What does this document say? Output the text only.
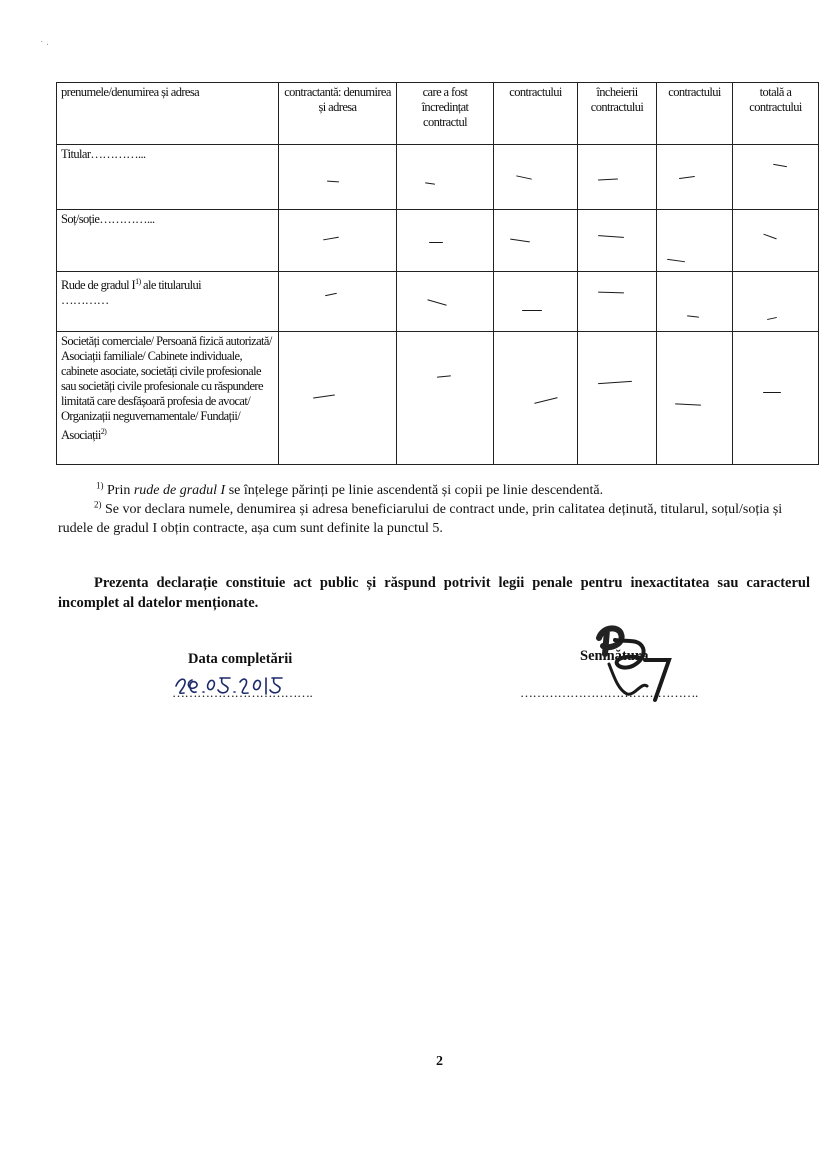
˙ ·
prenumele/denumirea și adresa	contractantă: denumirea și adresa	care a fost încredințat contractul	contractului	încheierii contractului	contractului	totală a contractului
Titular…………...	

Soț/soție…………...	

Rude de gradul $I^{1)}$ ale titularului
…………	

Societăți comerciale/ Persoană fizică autorizată/ Asociații familiale/ Cabinete individuale, cabinete asociate, societăți civile profesionale sau societăți civile profesionale cu răspundere limitată care desfășoară profesia de avocat/ Organizații neguvernamentale/ Fundații/ Asociații$^{2)}$	

$^{1)}$ Prin rude de gradul I se înțelege părinți pe linie ascendentă și copii pe linie descendentă.
$^{2)}$ Se vor declara numele, denumirea și adresa beneficiarului de contract unde, prin calitatea deținută, titularul, soțul/soția și rudele de gradul I obțin contracte, așa cum sunt definite la punctul 5.
Prezenta declarație constituie act public și răspund potrivit legii penale pentru inexactitatea sau caracterul incomplet al datelor menționate.
Data completării
…………………………….
Semnătura
…………………………………….
2
